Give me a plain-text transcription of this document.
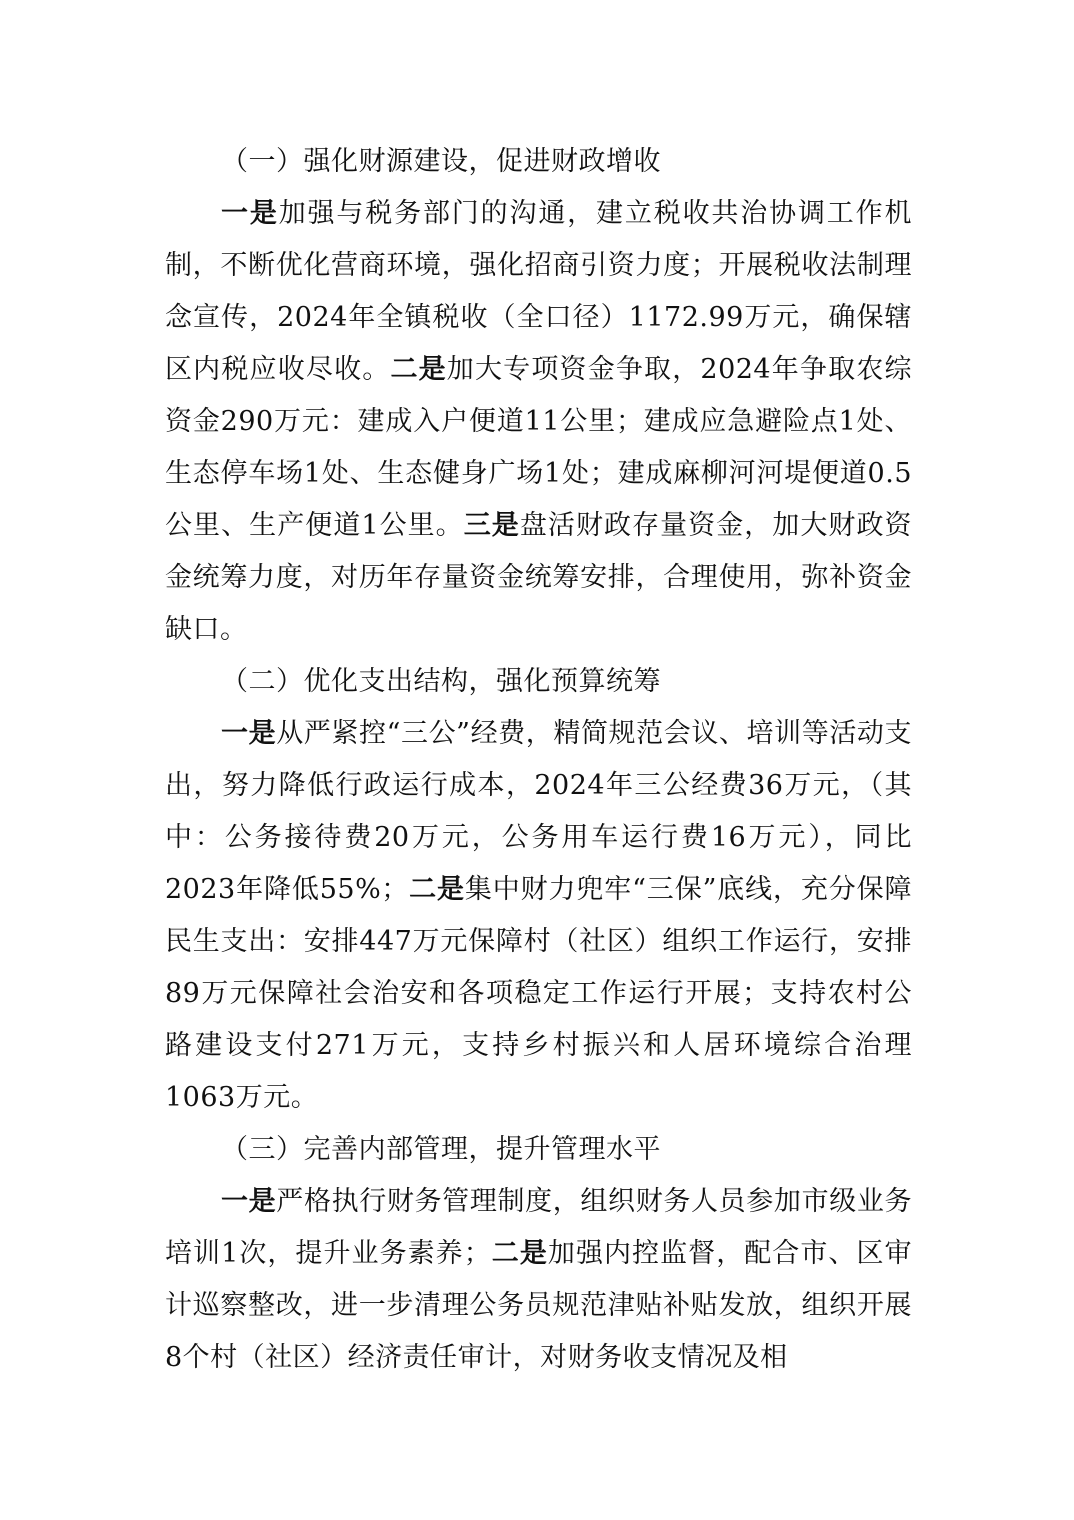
（一）强化财源建设，促进财政增收

一是加强与税务部门的沟通，建立税收共治协调工作机制，不断优化营商环境，强化招商引资力度；开展税收法制理念宣传，2024年全镇税收（全口径）1172.99万元，确保辖区内税应收尽收。二是加大专项资金争取，2024年争取农综资金290万元：建成入户便道11公里；建成应急避险点1处、生态停车场1处、生态健身广场1处；建成麻柳河河堤便道0.5公里、生产便道1公里。三是盘活财政存量资金，加大财政资金统筹力度，对历年存量资金统筹安排，合理使用，弥补资金缺口。

（二）优化支出结构，强化预算统筹

一是从严紧控“三公”经费，精简规范会议、培训等活动支出，努力降低行政运行成本，2024年三公经费36万元，（其中：公务接待费20万元，公务用车运行费16万元），同比2023年降低55%；二是集中财力兜牢“三保”底线，充分保障民生支出：安排447万元保障村（社区）组织工作运行，安排89万元保障社会治安和各项稳定工作运行开展；支持农村公路建设支付271万元，支持乡村振兴和人居环境综合治理1063万元。

（三）完善内部管理，提升管理水平

一是严格执行财务管理制度，组织财务人员参加市级业务培训1次，提升业务素养；二是加强内控监督，配合市、区审计巡察整改，进一步清理公务员规范津贴补贴发放，组织开展8个村（社区）经济责任审计，对财务收支情况及相
